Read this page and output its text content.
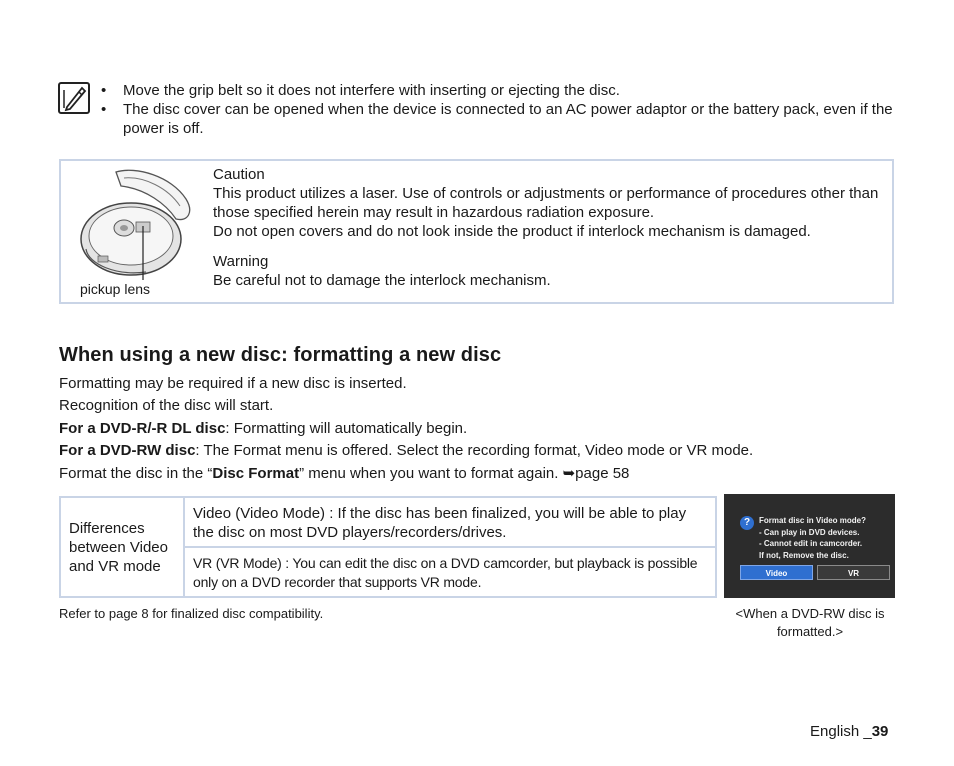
• Move the grip belt so it does not interfere with inserting or ejecting the disc.
• The disc cover can be opened when the device is connected to an AC power adaptor or the battery pack, even if the power is off.
pickup lens

Caution

This product utilizes a laser. Use of controls or adjustments or performance of procedures other than those specified herein may result in hazardous radiation exposure.

Do not open covers and do not look inside the product if interlock mechanism is damaged.

Warning

Be careful not to damage the interlock mechanism.

When using a new disc: formatting a new disc
Formatting may be required if a new disc is inserted.
Recognition of the disc will start.
For a DVD-R/-R DL disc: Formatting will automatically begin.
For a DVD-RW disc: The Format menu is offered. Select the recording format, Video mode or VR mode.
Format the disc in the “Disc Format” menu when you want to format again. ➥page 58
Differences between Video and VR mode
Video (Video Mode) : If the disc has been finalized, you will be able to play the disc on most DVD players/recorders/drives.
VR (VR Mode) : You can edit the disc on a DVD camcorder, but playback is possible only on a DVD recorder that supports VR mode.
?	Format disc in Video mode?
- Can play in DVD devices.
- Cannot edit in camcorder.
If not, Remove the disc.
Video	VR
Refer to page 8 for finalized disc compatibility.	<When a DVD-RW disc is formatted.>
English _39
